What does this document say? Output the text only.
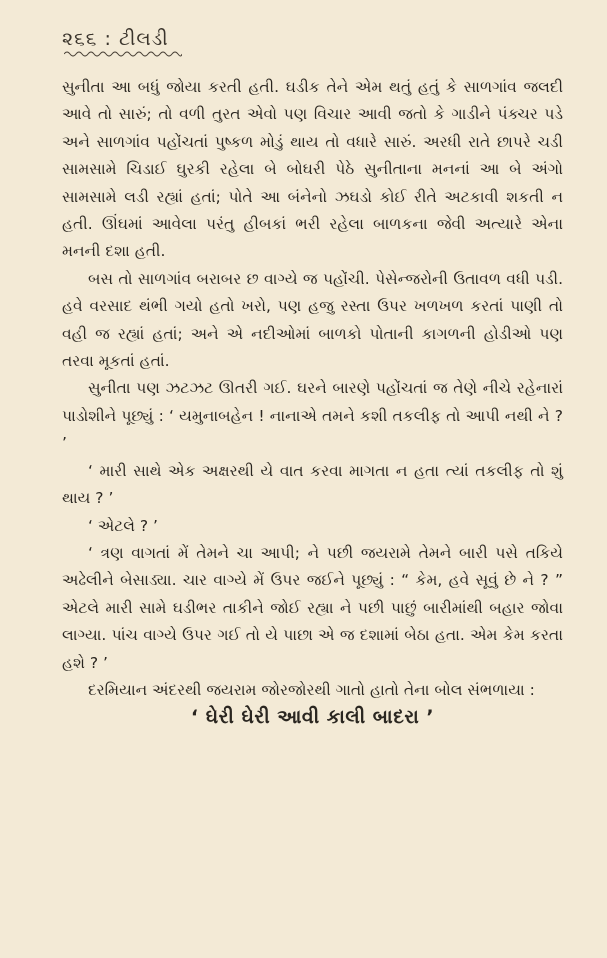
૨૬૬ : ટીલડી

સુનીતા આ બધું જોયા કરતી હતી. ઘડીક તેને એમ થતું હતું કે સાળગાંવ જલદી આવે તો સારું; તો વળી તુરત એવો પણ વિચાર આવી જતો કે ગાડીને પંક્ચર પડે અને સાળગાંવ પહોંચતાં પુષ્કળ મોડું થાય તો વધારે સારું. અરધી રાતે છાપરે ચડી સામસામે ચિડાઈ ઘુરકી રહેલા બે બોઘરી પેઠે સુનીતાના મનનાં આ બે અંગો સામસામે લડી રહ્યાં હતાં; પોતે આ બંનેનો ઝઘડો કોઈ રીતે અટકાવી શકતી ન હતી. ઊંઘમાં આવેલા પરંતુ હીબકાં ભરી રહેલા બાળકના જેવી અત્યારે એના મનની દશા હતી.

બસ તો સાળગાંવ બરાબર છ વાગ્યે જ પહોંચી. પેસેન્જરોની ઉતાવળ વધી પડી. હવે વરસાદ થંભી ગયો હતો ખરો, પણ હજુ રસ્તા ઉપર ખળખળ કરતાં પાણી તો વહી જ રહ્યાં હતાં; અને એ નદીઓમાં બાળકો પોતાની કાગળની હોડીઓ પણ તરવા મૂકતાં હતાં.

સુનીતા પણ ઝટઝટ ઊતરી ગઈ. ઘરને બારણે પહોંચતાં જ તેણે નીચે રહેનારાં પાડોશીને પૂછ્યું : ‘ યમુનાબહેન ! નાનાએ તમને કશી તકલીફ તો આપી નથી ને ? ’

‘ મારી સાથે એક અક્ષરથી યે વાત કરવા માગતા ન હતા ત્યાં તકલીફ તો શું થાય ? ’

‘ એટલે ? ’

‘ ત્રણ વાગતાં મેં તેમને ચા આપી; ને પછી જયરામે તેમને બારી પસે તકિયે અઢેલીને બેસાડ્યા. ચાર વાગ્યે મેં ઉપર જઈને પૂછ્યું : “ કેમ, હવે સૂવું છે ને ? ” એટલે મારી સામે ઘડીભર તાકીને જોઈ રહ્યા ને પછી પાછું બારીમાંથી બહાર જોવા લાગ્યા. પાંચ વાગ્યે ઉપર ગઈ તો યે પાછા એ જ દશામાં બેઠા હતા. એમ કેમ કરતા હશે ? ’

દરમિયાન અંદરથી જયરામ જોરજોરથી ગાતો હાતો તેના બોલ સંભળાયા :

‘ ઘેરી ઘેરી આવી કાલી બાદરા ’
